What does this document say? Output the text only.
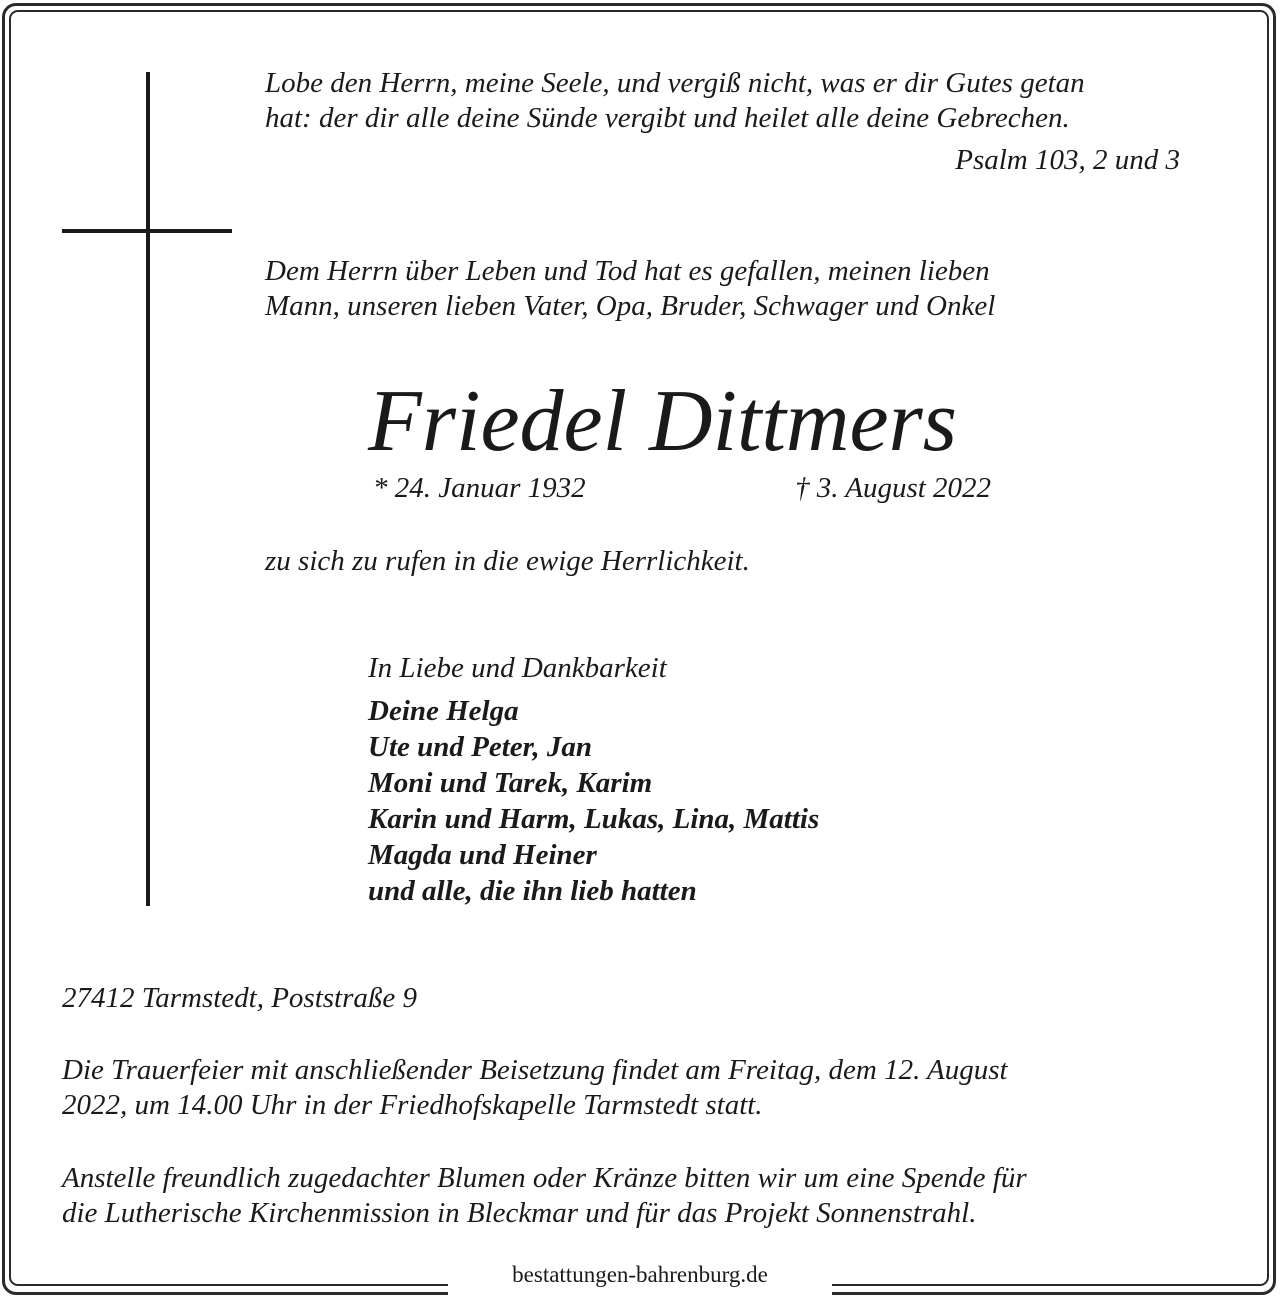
bestattungen-bahrenburg.de
Lobe den Herrn, meine Seele, und vergiß nicht, was er dir Gutes getan
hat: der dir alle deine Sünde vergibt und heilet alle deine Gebrechen.
Psalm 103, 2 und 3
Dem Herrn über Leben und Tod hat es gefallen, meinen lieben
Mann, unseren lieben Vater, Opa, Bruder, Schwager und Onkel
Friedel Dittmers
* 24. Januar 1932	† 3. August 2022
zu sich zu rufen in die ewige Herrlichkeit.
In Liebe und Dankbarkeit
Deine Helga
Ute und Peter, Jan
Moni und Tarek, Karim
Karin und Harm, Lukas, Lina, Mattis
Magda und Heiner
und alle, die ihn lieb hatten
27412 Tarmstedt, Poststraße 9
Die Trauerfeier mit anschließender Beisetzung findet am Freitag, dem 12. August
2022, um 14.00 Uhr in der Friedhofskapelle Tarmstedt statt.
Anstelle freundlich zugedachter Blumen oder Kränze bitten wir um eine Spende für
die Lutherische Kirchenmission in Bleckmar und für das Projekt Sonnenstrahl.
